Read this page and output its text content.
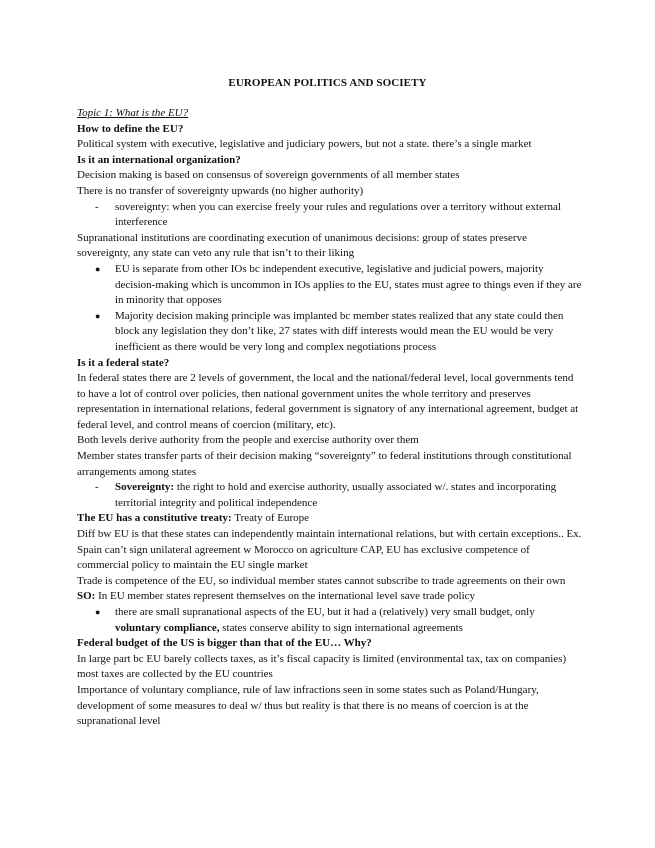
EUROPEAN POLITICS AND SOCIETY

Topic 1: What is the EU?

How to define the EU?

Political system with executive, legislative and judiciary powers, but not a state. there’s a single market

Is it an international organization?

Decision making is based on consensus of sovereign governments of all member states

There is no transfer of sovereignty upwards (no higher authority)

- sovereignty: when you can exercise freely your rules and regulations over a territory without external interference

Supranational institutions are coordinating execution of unanimous decisions: group of states preserve sovereignty, any state can veto any rule that isn’t to their liking

● EU is separate from other IOs bc independent executive, legislative and judicial powers, majority decision-making which is uncommon in IOs applies to the EU, states must agree to things even if they are in minority that opposes
● Majority decision making principle was implanted bc member states realized that any state could then block any legislation they don’t like, 27 states with diff interests would mean the EU would be very inefficient as there would be very long and complex negotiations process

Is it a federal state?

In federal states there are 2 levels of government, the local and the national/federal level, local governments tend to have a lot of control over policies, then national government unites the whole territory and preserves representation in international relations, federal government is signatory of any international agreement, budget at federal level, and control means of coercion (military, etc).

Both levels derive authority from the people and exercise authority over them

Member states transfer parts of their decision making “sovereignty” to federal institutions through constitutional arrangements among states

- Sovereignty: the right to hold and exercise authority, usually associated w/. states and incorporating territorial integrity and political independence

The EU has a constitutive treaty: Treaty of Europe

Diff bw EU is that these states can independently maintain international relations, but with certain exceptions.. Ex. Spain can’t sign unilateral agreement w Morocco on agriculture CAP, EU has exclusive competence of commercial policy to maintain the EU single market

Trade is competence of the EU, so individual member states cannot subscribe to trade agreements on their own

SO: In EU member states represent themselves on the international level save trade policy

● there are small supranational aspects of the EU, but it had a (relatively) very small budget, only voluntary compliance, states conserve ability to sign international agreements

Federal budget of the US is bigger than that of the EU… Why?

In large part bc EU barely collects taxes, as it’s fiscal capacity is limited (environmental tax, tax on companies) most taxes are collected by the EU countries

Importance of voluntary compliance, rule of law infractions seen in some states such as Poland/Hungary, development of some measures to deal w/ thus but reality is that there is no means of coercion is at the supranational level
